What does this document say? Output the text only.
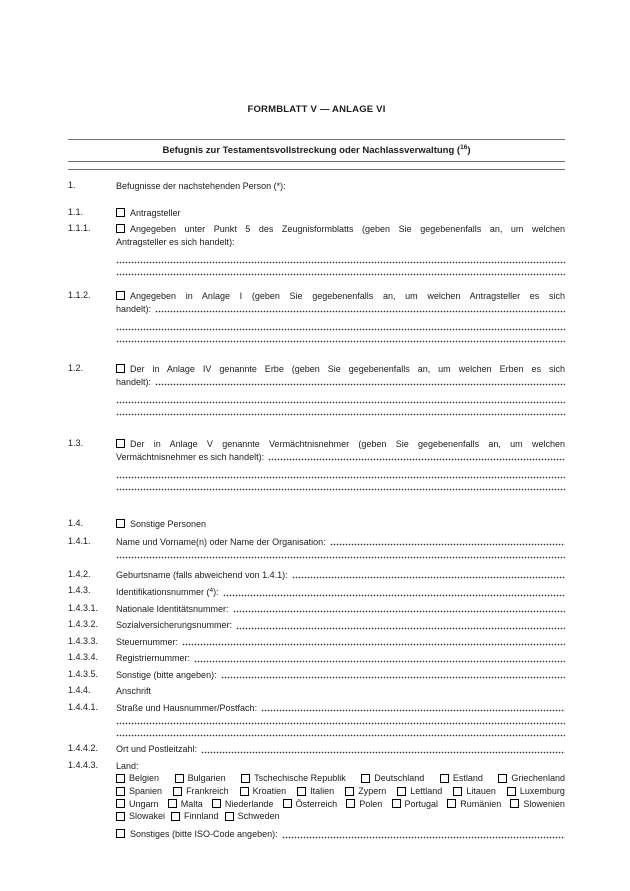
FORMBLATT V — ANLAGE VI
Befugnis zur Testamentsvollstreckung oder Nachlassverwaltung ($^{16}$)
1.	Befugnisse der nachstehenden Person (*):
1.1.	Antragsteller
1.1.1.	Angegeben unter Punkt 5 des Zeugnisformblatts (geben Sie gegebenenfalls an, um welchen
Antragsteller es sich handelt):
1.1.2.	Angegeben in Anlage I (geben Sie gegebenenfalls an, um welchen Antragsteller es sich
handelt):
1.2.	Der in Anlage IV genannte Erbe (geben Sie gegebenenfalls an, um welchen Erben es sich
handelt):
1.3.	Der in Anlage V genannte Vermächtnisnehmer (geben Sie gegebenenfalls an, um welchen
Vermächtnisnehmer es sich handelt):
1.4.	Sonstige Personen
1.4.1.	Name und Vorname(n) oder Name der Organisation:
1.4.2.	Geburtsname (falls abweichend von 1.4.1):
1.4.3.	Identifikationsnummer ($^4$):
1.4.3.1.	Nationale Identitätsnummer:
1.4.3.2.	Sozialversicherungsnummer:
1.4.3.3.	Steuernummer:
1.4.3.4.	Registriernummer:
1.4.3.5.	Sonstige (bitte angeben):
1.4.4.	Anschrift
1.4.4.1.	Straße und Hausnummer/Postfach:
1.4.4.2.	Ort und Postleitzahl:
1.4.4.3.	Land:
Belgien	Bulgarien	Tschechische Republik	Deutschland	Estland	Griechenland
Spanien	Frankreich	Kroatien	Italien	Zypern	Lettland	Litauen	Luxemburg
Ungarn Malta Niederlande Österreich Polen Portugal Rumänien Slowenien
Slowakei Finnland Schweden
Sonstiges (bitte ISO-Code angeben):
